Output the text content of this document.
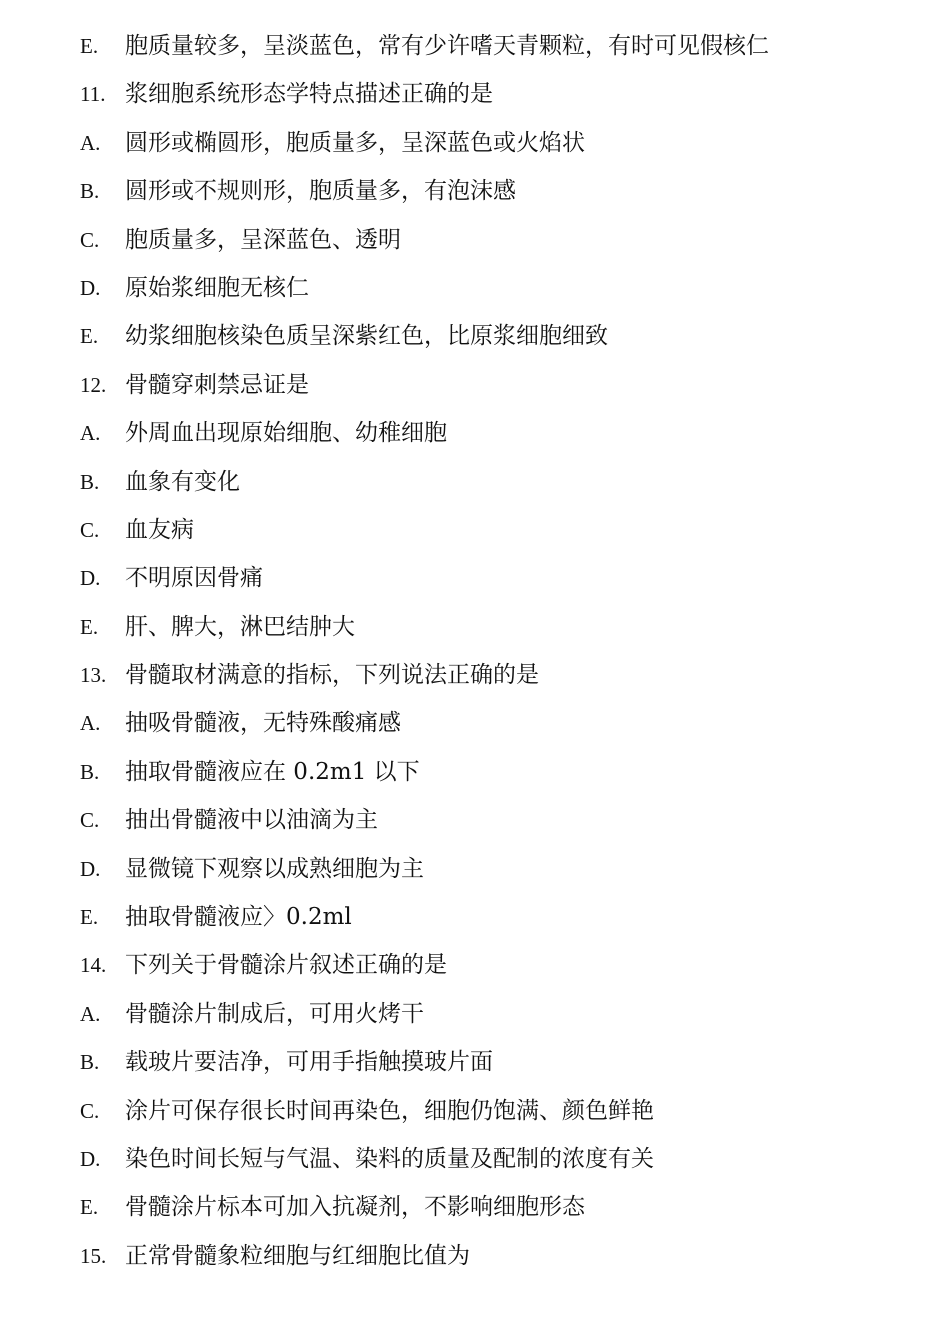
E.	胞质量较多，呈淡蓝色，常有少许嗜天青颗粒，有时可见假核仁
11. 浆细胞系统形态学特点描述正确的是
A.	圆形或椭圆形，胞质量多，呈深蓝色或火焰状
B.	圆形或不规则形，胞质量多，有泡沫感
C.	胞质量多，呈深蓝色、透明
D.	原始浆细胞无核仁
E.	幼浆细胞核染色质呈深紫红色，比原浆细胞细致
12. 骨髓穿刺禁忌证是
A.	外周血出现原始细胞、幼稚细胞
B.	血象有变化
C.	血友病
D.	不明原因骨痛
E.	肝、脾大，淋巴结肿大
13. 骨髓取材满意的指标，下列说法正确的是
A.	抽吸骨髓液，无特殊酸痛感
B.	抽取骨髓液应在 0.2m1 以下
C.	抽出骨髓液中以油滴为主
D.	显微镜下观察以成熟细胞为主
E.	抽取骨髓液应〉0.2ml
14. 下列关于骨髓涂片叙述正确的是
A.	骨髓涂片制成后，可用火烤干
B.	载玻片要洁净，可用手指触摸玻片面
C.	涂片可保存很长时间再染色，细胞仍饱满、颜色鲜艳
D.	染色时间长短与气温、染料的质量及配制的浓度有关
E.	骨髓涂片标本可加入抗凝剂，不影响细胞形态
15. 正常骨髓象粒细胞与红细胞比值为
